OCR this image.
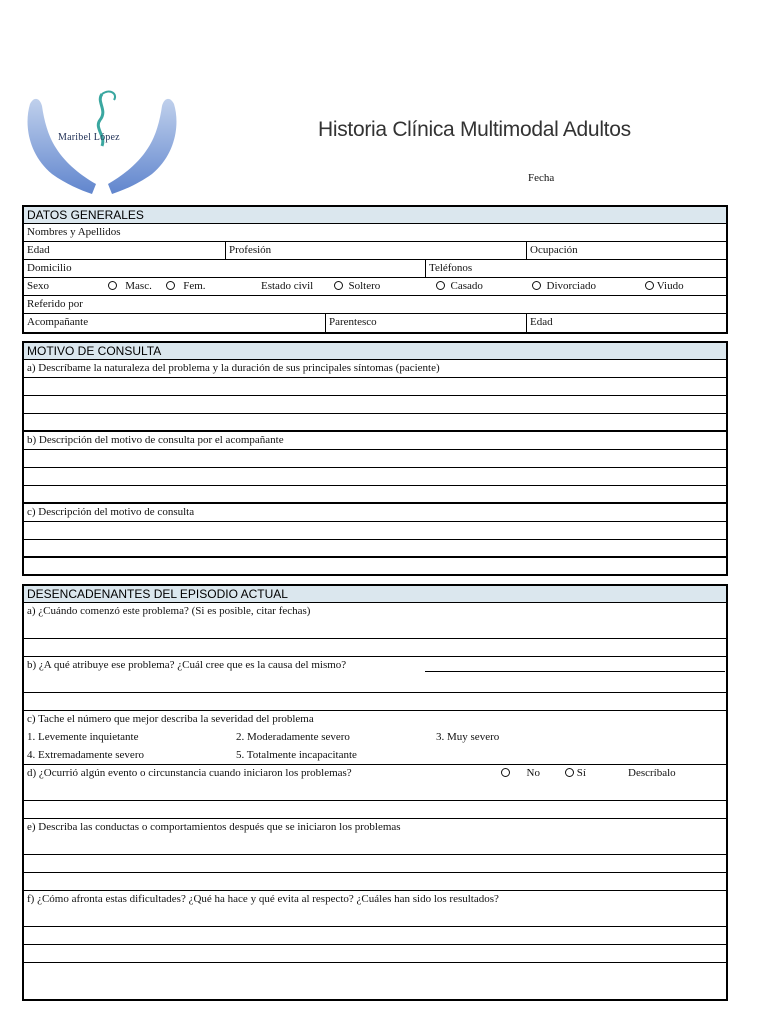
Maribel López	Historia Clínica Multimodal Adultos
Fecha
DATOS GENERALES
Nombres y Apellidos
Edad	Profesión	Ocupación
Domicilio	Teléfonos
Sexo	Masc.	Fem.	Estado civil	Soltero	Casado	Divorciado	Viudo
Referido por
Acompañante	Parentesco	Edad
MOTIVO DE CONSULTA
a) Descríbame la naturaleza del problema y la duración de sus principales síntomas (paciente)
b) Descripción del motivo de consulta por el acompañante
c) Descripción del motivo de consulta
DESENCADENANTES DEL EPISODIO ACTUAL
a) ¿Cuándo comenzó este problema? (Si es posible, citar fechas)
b) ¿A qué atribuye ese problema? ¿Cuál cree que es la causa del mismo?
c) Tache el número que mejor describa la severidad del problema
1. Levemente inquietante	2. Moderadamente severo	3. Muy severo
4. Extremadamente severo	5. Totalmente incapacitante
d) ¿Ocurrió algún evento o circunstancia cuando iniciaron los problemas?	No	Sí	Descríbalo
e) Describa las conductas o comportamientos después que se iniciaron los problemas
f) ¿Cómo afronta estas dificultades? ¿Qué ha hace y qué evita al respecto? ¿Cuáles han sido los resultados?
